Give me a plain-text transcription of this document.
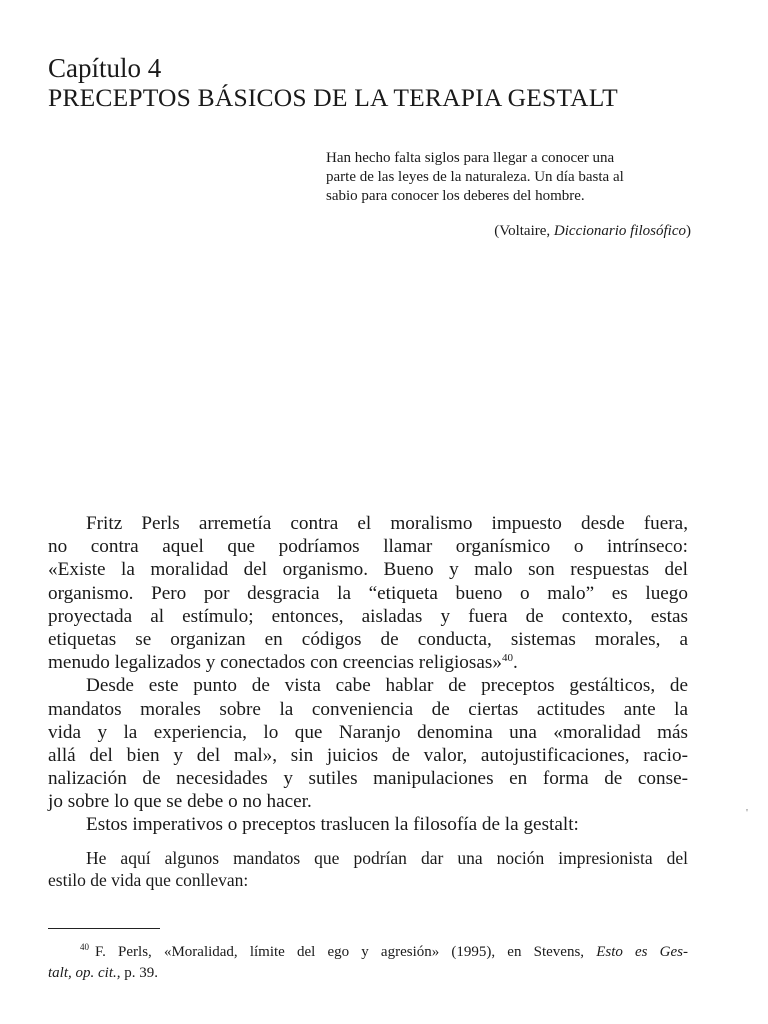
Capítulo 4
PRECEPTOS BÁSICOS DE LA TERAPIA GESTALT

Han hecho falta siglos para llegar a conocer una

parte de las leyes de la naturaleza. Un día basta al

sabio para conocer los deberes del hombre.

(Voltaire, Diccionario filosófico)

Fritz Perls arremetía contra el moralismo impuesto desde fuera,
no contra aquel que podríamos llamar organísmico o intrínseco:
«Existe la moralidad del organismo. Bueno y malo son respuestas del
organismo. Pero por desgracia la “etiqueta bueno o malo” es luego
proyectada al estímulo; entonces, aisladas y fuera de contexto, estas
etiquetas se organizan en códigos de conducta, sistemas morales, a
menudo legalizados y conectados con creencias religiosas»$^{40}$.
Desde este punto de vista cabe hablar de preceptos gestálticos, de
mandatos morales sobre la conveniencia de ciertas actitudes ante la
vida y la experiencia, lo que Naranjo denomina una «moralidad más
allá del bien y del mal», sin juicios de valor, autojustificaciones, racio-
nalización de necesidades y sutiles manipulaciones en forma de conse-
jo sobre lo que se debe o no hacer.
Estos imperativos o preceptos traslucen la filosofía de la gestalt:
He aquí algunos mandatos que podrían dar una noción impresionista del
estilo de vida que conllevan:
$^{40}$ F. Perls, «Moralidad, límite del ego y agresión» (1995), en Stevens, Esto es Ges-
talt, op. cit., p. 39.
'
